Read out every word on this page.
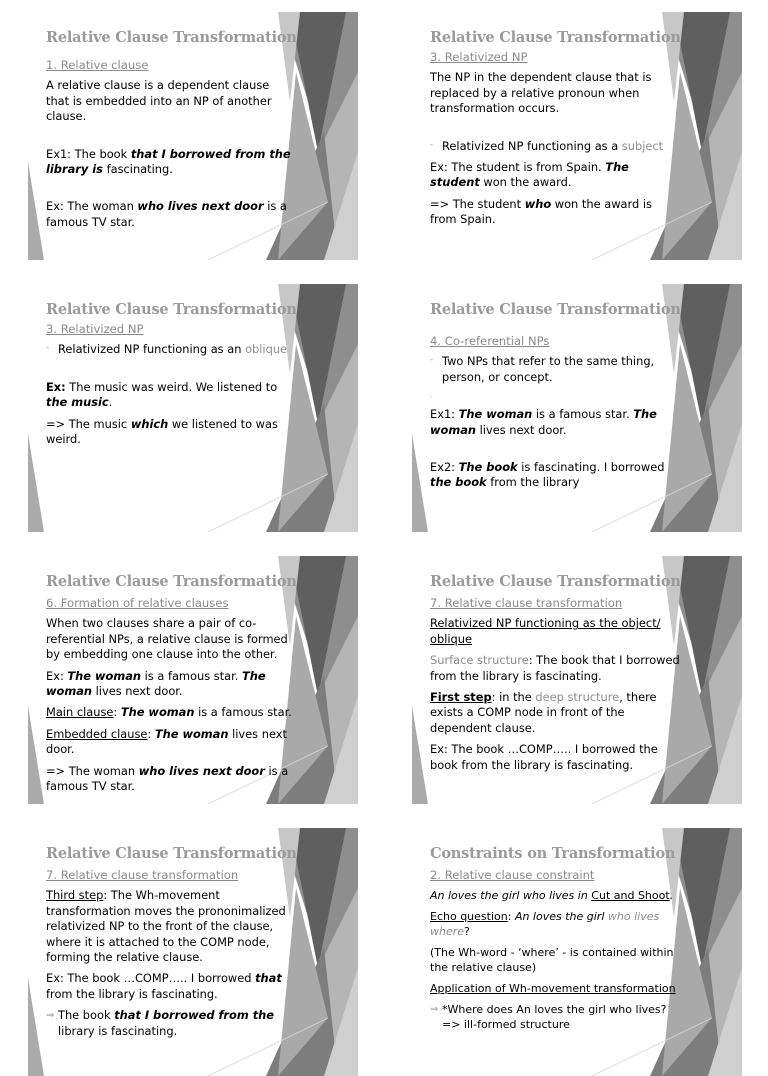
Relative Clause Transformation

1. Relative clause

A relative clause is a dependent clause that is embedded into an NP of another clause.

Ex1: The book that I borrowed from the library is fascinating.

Ex: The woman who lives next door is a famous TV star.

Relative Clause Transformation

3. Relativized NP

The NP in the dependent clause that is replaced by a relative pronoun when transformation occurs.

- Relativized NP functioning as a subject

Ex: The student is from Spain. The student won the award.

=> The student who won the award is from Spain.

Relative Clause Transformation

3. Relativized NP

- Relativized NP functioning as an oblique

Ex: The music was weird. We listened to the music.

=> The music which we listened to was weird.

Relative Clause Transformation

4. Co-referential NPs

- Two NPs that refer to the same thing, person, or concept.

.

Ex1: The woman is a famous star. The woman lives next door.

Ex2: The book is fascinating. I borrowed the book from the library

Relative Clause Transformation

6. Formation of relative clauses

When two clauses share a pair of co-referential NPs, a relative clause is formed by embedding one clause into the other.

Ex: The woman is a famous star. The woman lives next door.

Main clause: The woman is a famous star.

Embedded clause: The woman lives next door.

=> The woman who lives next door is a famous TV star.

Relative Clause Transformation

7. Relative clause transformation

Relativized NP functioning as the object/ oblique

Surface structure: The book that I borrowed from the library is fascinating.

First step: in the deep structure, there exists a COMP node in front of the dependent clause.

Ex: The book …COMP….. I borrowed the book from the library is fascinating.

Relative Clause Transformation

7. Relative clause transformation

Third step: The Wh-movement transformation moves the prononimalized relativized NP to the front of the clause, where it is attached to the COMP node, forming the relative clause.

Ex: The book …COMP….. I borrowed that from the library is fascinating.

⇒ The book that I borrowed from the library is fascinating.

Constraints on Transformation

2. Relative clause constraint

An loves the girl who lives in Cut and Shoot.

Echo question: An loves the girl who lives where?

(The Wh-word - ‘where’ - is contained within the relative clause)

Application of Wh-movement transformation

⇒ *Where does An loves the girl who lives? => ill-formed structure
